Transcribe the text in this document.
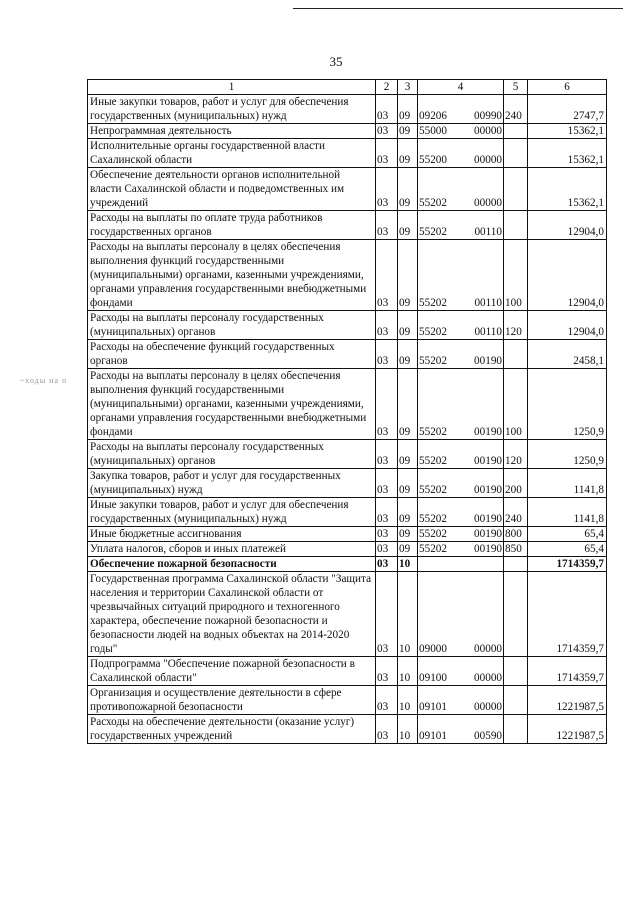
35
~ходы на о
1	2	3	4	5	6
Иные закупки товаров, работ и услуг для обеспечения государственных (муниципальных) нужд	03	09	09206 00990	240	2747,7
Непрограммная деятельность	03	09	55000 00000		15362,1
Исполнительные органы государственной власти Сахалинской области	03	09	55200 00000		15362,1
Обеспечение деятельности органов исполнительной власти Сахалинской области и подведомственных им учреждений	03	09	55202 00000		15362,1
Расходы на выплаты по оплате труда работников государственных органов	03	09	55202 00110		12904,0
Расходы на выплаты персоналу в целях обеспечения выполнения функций государственными (муниципальными) органами, казенными учреждениями, органами управления государственными внебюджетными фондами	03	09	55202 00110	100	12904,0
Расходы на выплаты персоналу государственных (муниципальных) органов	03	09	55202 00110	120	12904,0
Расходы на обеспечение функций государственных органов	03	09	55202 00190		2458,1
Расходы на выплаты персоналу в целях обеспечения выполнения функций государственными (муниципальными) органами, казенными учреждениями, органами управления государственными внебюджетными фондами	03	09	55202 00190	100	1250,9
Расходы на выплаты персоналу государственных (муниципальных) органов	03	09	55202 00190	120	1250,9
Закупка товаров, работ и услуг для государственных (муниципальных) нужд	03	09	55202 00190	200	1141,8
Иные закупки товаров, работ и услуг для обеспечения государственных (муниципальных) нужд	03	09	55202 00190	240	1141,8
Иные бюджетные ассигнования	03	09	55202 00190	800	65,4
Уплата налогов, сборов и иных платежей	03	09	55202 00190	850	65,4
Обеспечение пожарной безопасности	03	10			1714359,7
Государственная программа Сахалинской области "Защита населения и территории Сахалинской области от чрезвычайных ситуаций природного и техногенного характера, обеспечение пожарной безопасности и безопасности людей на водных объектах на 2014-2020 годы"	03	10	09000 00000		1714359,7
Подпрограмма "Обеспечение пожарной безопасности в Сахалинской области"	03	10	09100 00000		1714359,7
Организация и осуществление деятельности в сфере противопожарной безопасности	03	10	09101 00000		1221987,5
Расходы на обеспечение деятельности (оказание услуг) государственных учреждений	03	10	09101 00590		1221987,5
